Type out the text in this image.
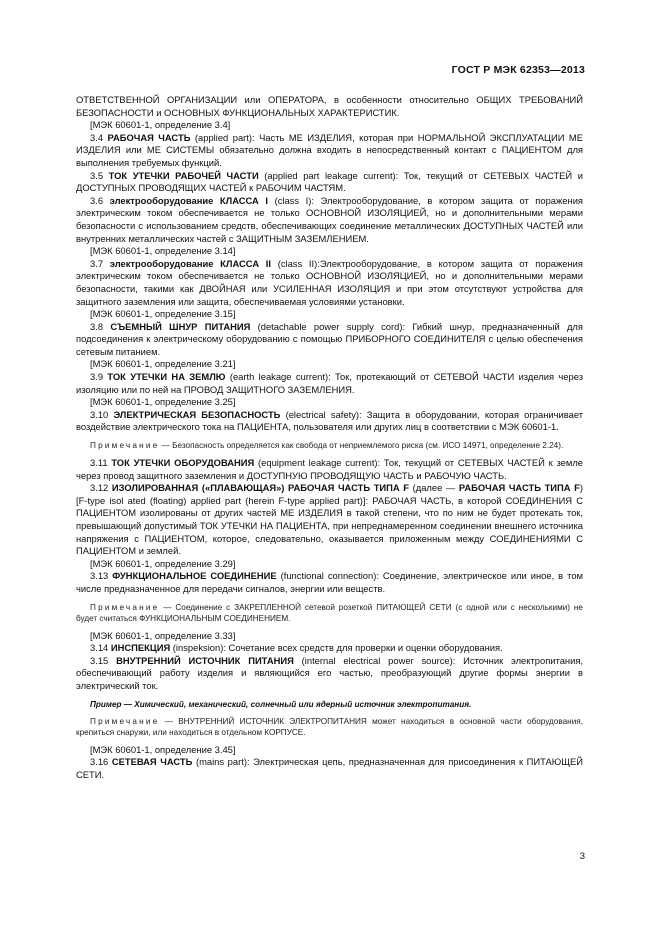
ГОСТ Р МЭК 62353—2013

ОТВЕТСТВЕННОЙ ОРГАНИЗАЦИИ или ОПЕРАТОРА, в особенности относительно ОБЩИХ ТРЕБОВАНИЙ БЕЗОПАСНОСТИ и ОСНОВНЫХ ФУНКЦИОНАЛЬНЫХ ХАРАКТЕРИСТИК.

[МЭК 60601-1, определение 3.4]

3.4 РАБОЧАЯ ЧАСТЬ (applied part): Часть МЕ ИЗДЕЛИЯ, которая при НОРМАЛЬНОЙ ЭКСПЛУАТАЦИИ МЕ ИЗДЕЛИЯ или МЕ СИСТЕМЫ обязательно должна входить в непосредственный контакт с ПАЦИЕНТОМ для выполнения требуемых функций.

3.5 ТОК УТЕЧКИ РАБОЧЕЙ ЧАСТИ (applied part leakage current): Ток, текущий от СЕТЕВЫХ ЧАСТЕЙ и ДОСТУПНЫХ ПРОВОДЯЩИХ ЧАСТЕЙ к РАБОЧИМ ЧАСТЯМ.

3.6 электрооборудование КЛАССА I (class I): Электрооборудование, в котором защита от поражения электрическим током обеспечивается не только ОСНОВНОЙ ИЗОЛЯЦИЕЙ, но и дополнительными мерами безопасности с использованием средств, обеспечивающих соединение металлических ДОСТУПНЫХ ЧАСТЕЙ или внутренних металлических частей с ЗАЩИТНЫМ ЗАЗЕМЛЕНИЕМ.

[МЭК 60601-1, определение 3.14]

3.7 электрооборудование КЛАССА II (class II):Электрооборудование, в котором защита от поражения электрическим током обеспечивается не только ОСНОВНОЙ ИЗОЛЯЦИЕЙ, но и дополнительными мерами безопасности, такими как ДВОЙНАЯ или УСИЛЕННАЯ ИЗОЛЯЦИЯ и при этом отсутствуют устройства для защитного заземления или защита, обеспечиваемая условиями установки.

[МЭК 60601-1, определение 3.15]

3.8 СЪЕМНЫЙ ШНУР ПИТАНИЯ (detachable power supply cord): Гибкий шнур, предназначенный для подсоединения к электрическому оборудованию с помощью ПРИБОРНОГО СОЕДИНИТЕЛЯ с целью обеспечения сетевым питанием.

[МЭК 60601-1, определение 3.21]

3.9 ТОК УТЕЧКИ НА ЗЕМЛЮ (earth leakage current): Ток, протекающий от СЕТЕВОЙ ЧАСТИ изделия через изоляцию или по ней на ПРОВОД ЗАЩИТНОГО ЗАЗЕМЛЕНИЯ.

[МЭК 60601-1, определение 3.25]

3.10 ЭЛЕКТРИЧЕСКАЯ БЕЗОПАСНОСТЬ (electrical safety): Защита в оборудовании, которая ограничивает воздействие электрического тока на ПАЦИЕНТА, пользователя или других лиц в соответствии с МЭК 60601-1.

Примечание — Безопасность определяется как свобода от неприемлемого риска (см. ИСО 14971, определение 2.24).

3.11 ТОК УТЕЧКИ ОБОРУДОВАНИЯ (equipment leakage current): Ток, текущий от СЕТЕВЫХ ЧАСТЕЙ к земле через провод защитного заземления и ДОСТУПНУЮ ПРОВОДЯЩУЮ ЧАСТЬ и РАБОЧУЮ ЧАСТЬ.

3.12 ИЗОЛИРОВАННАЯ («ПЛАВАЮЩАЯ») РАБОЧАЯ ЧАСТЬ ТИПА F (далее — РАБОЧАЯ ЧАСТЬ ТИПА F) [F-type isol ated (floating) applied part (herein F-type applied part)]: РАБОЧАЯ ЧАСТЬ, в которой СОЕДИНЕНИЯ С ПАЦИЕНТОМ изолированы от других частей МЕ ИЗДЕЛИЯ в такой степени, что по ним не будет протекать ток, превышающий допустимый ТОК УТЕЧКИ НА ПАЦИЕНТА, при непреднамеренном соединении внешнего источника напряжения с ПАЦИЕНТОМ, которое, следовательно, оказывается приложенным между СОЕДИНЕНИЯМИ С ПАЦИЕНТОМ и землей.

[МЭК 60601-1, определение 3.29]

3.13 ФУНКЦИОНАЛЬНОЕ СОЕДИНЕНИЕ (functional connection): Соединение, электрическое или иное, в том числе предназначенное для передачи сигналов, энергии или веществ.

Примечание — Соединение с ЗАКРЕПЛЕННОЙ сетевой розеткой ПИТАЮЩЕЙ СЕТИ (с одной или с несколькими) не будет считаться ФУНКЦИОНАЛЬНЫМ СОЕДИНЕНИЕМ.

[МЭК 60601-1, определение 3.33]

3.14 ИНСПЕКЦИЯ (inspeksion): Сочетание всех средств для проверки и оценки оборудования.

3.15 ВНУТРЕННИЙ ИСТОЧНИК ПИТАНИЯ (internal electrical power source): Источник электропитания, обеспечивающий работу изделия и являющийся его частью, преобразующий другие формы энергии в электрический ток.

Пример — Химический, механический, солнечный или ядерный источник электропитания.

Примечание — ВНУТРЕННИЙ ИСТОЧНИК ЭЛЕКТРОПИТАНИЯ может находиться в основной части оборудования, крепиться снаружи, или находиться в отдельном КОРПУСЕ.

[МЭК 60601-1, определение 3.45]

3.16 СЕТЕВАЯ ЧАСТЬ (mains part): Электрическая цепь, предназначенная для присоединения к ПИТАЮЩЕЙ СЕТИ.

3
